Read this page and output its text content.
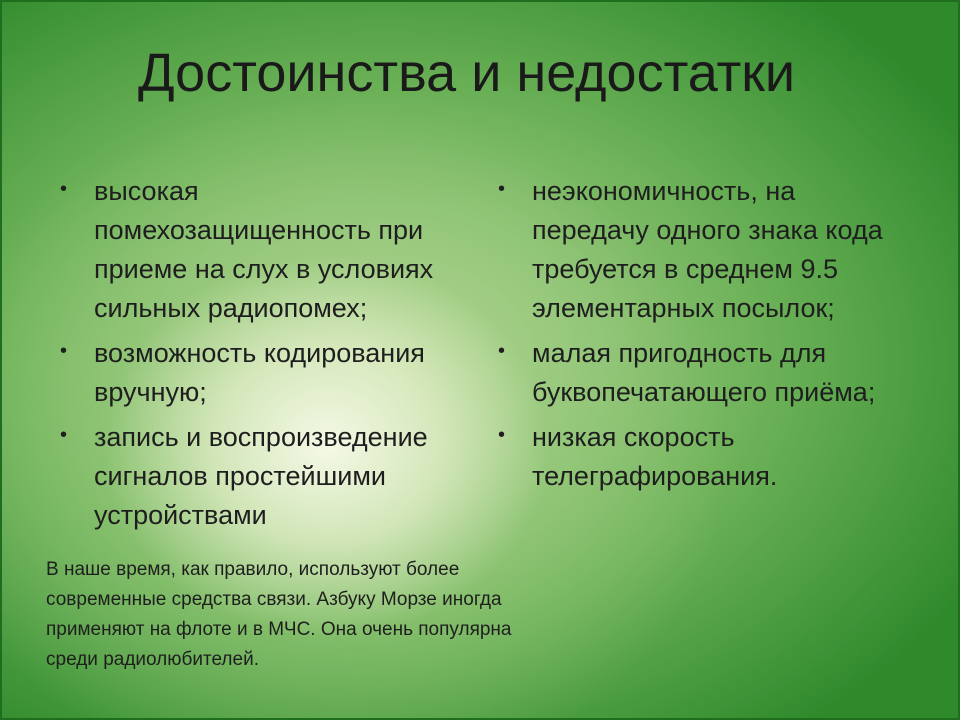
Достоинства и недостатки
• высокая помехозащищенность при приеме на слух в условиях сильных радиопомех;
• возможность кодирования вручную;
• запись и воспроизведение сигналов простейшими устройствами
• неэкономичность, на передачу одного знака кода требуется в среднем 9.5 элементарных посылок;
• малая пригодность для буквопечатающего приёма;
• низкая скорость телеграфирования.
В наше время, как правило, используют более современные средства связи. Азбуку Морзе иногда применяют на флоте и в МЧС. Она очень популярна среди радиолюбителей.
